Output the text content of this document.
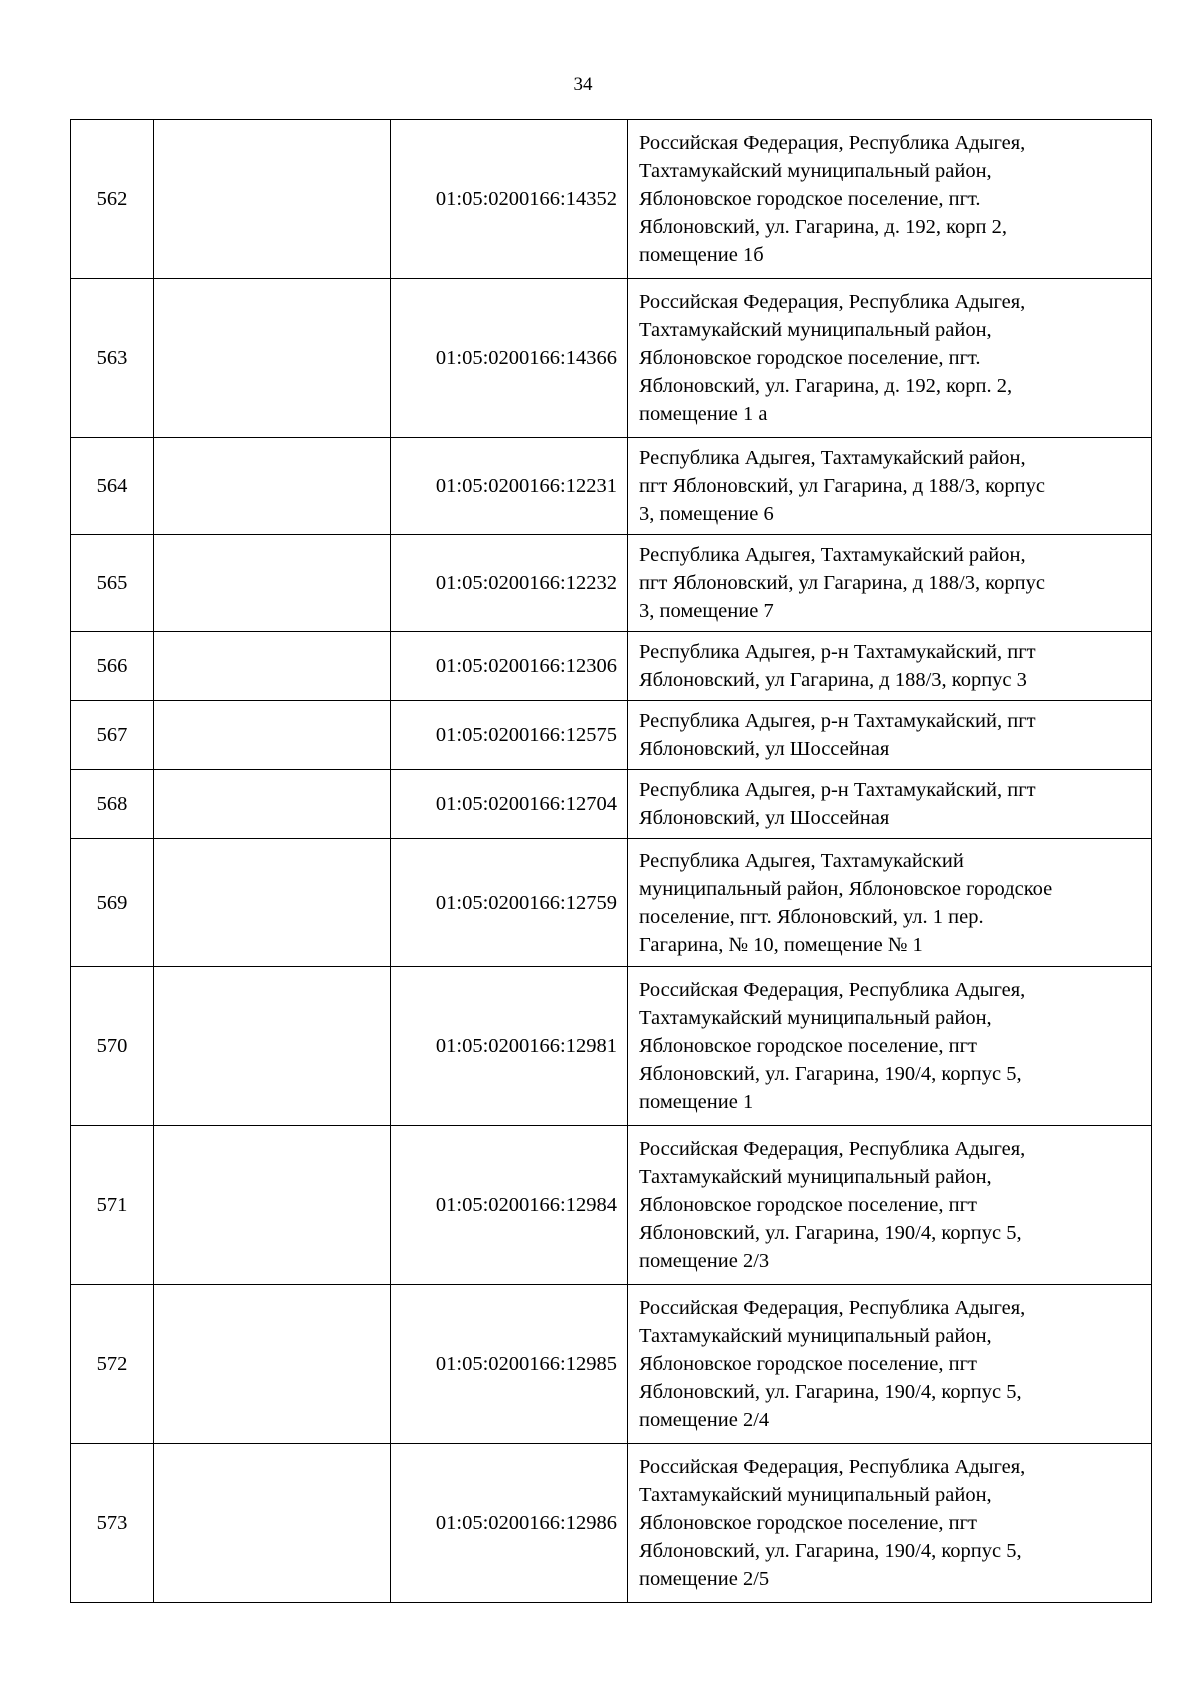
34
562		01:05:0200166:14352	Российская Федерация, Республика Адыгея,
Тахтамукайский муниципальный район,
Яблоновское городское поселение, пгт.
Яблоновский, ул. Гагарина, д. 192, корп 2,
помещение 1б

563		01:05:0200166:14366	Российская Федерация, Республика Адыгея,
Тахтамукайский муниципальный район,
Яблоновское городское поселение, пгт.
Яблоновский, ул. Гагарина, д. 192, корп. 2,
помещение 1 а

564		01:05:0200166:12231	Республика Адыгея, Тахтамукайский район,
пгт Яблоновский, ул Гагарина, д 188/3, корпус
3, помещение 6

565		01:05:0200166:12232	Республика Адыгея, Тахтамукайский район,
пгт Яблоновский, ул Гагарина, д 188/3, корпус
3, помещение 7

566		01:05:0200166:12306	Республика Адыгея, р-н Тахтамукайский, пгт
Яблоновский, ул Гагарина, д 188/3, корпус 3

567		01:05:0200166:12575	Республика Адыгея, р-н Тахтамукайский, пгт
Яблоновский, ул Шоссейная

568		01:05:0200166:12704	Республика Адыгея, р-н Тахтамукайский, пгт
Яблоновский, ул Шоссейная

569		01:05:0200166:12759	Республика Адыгея, Тахтамукайский
муниципальный район, Яблоновское городское
поселение, пгт. Яблоновский, ул. 1 пер.
Гагарина, № 10, помещение № 1

570		01:05:0200166:12981	Российская Федерация, Республика Адыгея,
Тахтамукайский муниципальный район,
Яблоновское городское поселение, пгт
Яблоновский, ул. Гагарина, 190/4, корпус 5,
помещение 1

571		01:05:0200166:12984	Российская Федерация, Республика Адыгея,
Тахтамукайский муниципальный район,
Яблоновское городское поселение, пгт
Яблоновский, ул. Гагарина, 190/4, корпус 5,
помещение 2/3

572		01:05:0200166:12985	Российская Федерация, Республика Адыгея,
Тахтамукайский муниципальный район,
Яблоновское городское поселение, пгт
Яблоновский, ул. Гагарина, 190/4, корпус 5,
помещение 2/4

573		01:05:0200166:12986	Российская Федерация, Республика Адыгея,
Тахтамукайский муниципальный район,
Яблоновское городское поселение, пгт
Яблоновский, ул. Гагарина, 190/4, корпус 5,
помещение 2/5
